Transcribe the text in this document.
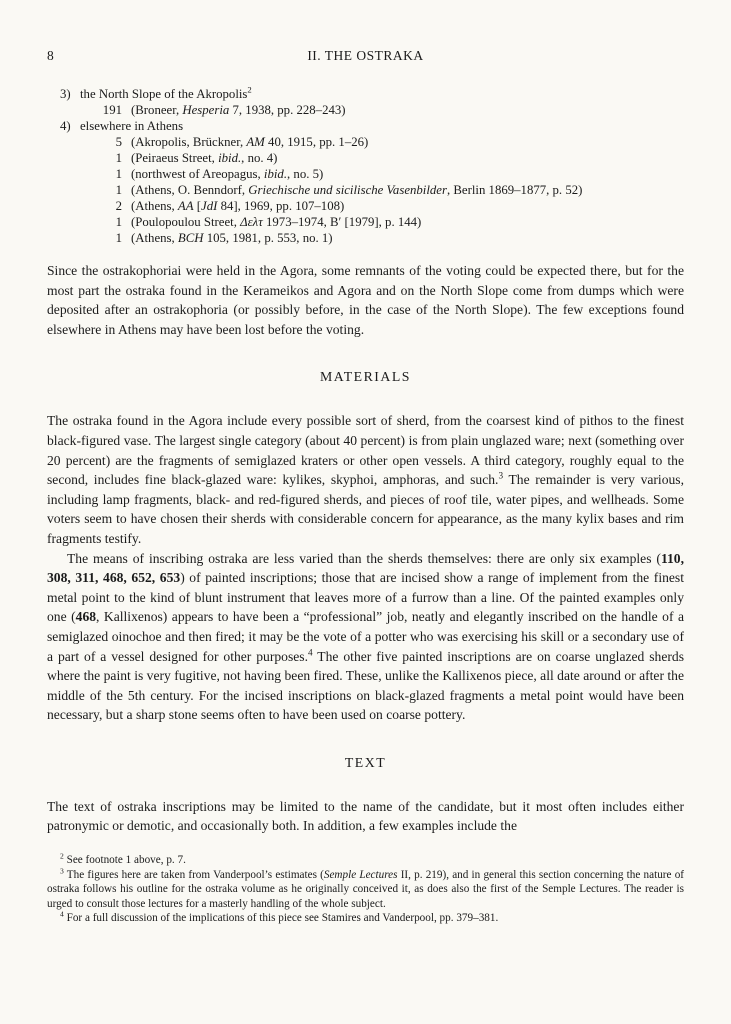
8	II. THE OSTRAKA
3) the North Slope of the Akropolis$^2$
191 (Broneer, Hesperia 7, 1938, pp. 228–243)
4) elsewhere in Athens
5 (Akropolis, Brückner, AM 40, 1915, pp. 1–26)
1 (Peiraeus Street, ibid., no. 4)
1 (northwest of Areopagus, ibid., no. 5)
1 (Athens, O. Benndorf, Griechische und sicilische Vasenbilder, Berlin 1869–1877, p. 52)
2 (Athens, AA [JdI 84], 1969, pp. 107–108)
1 (Poulopoulou Street, Δελτ 1973–1974, Β′ [1979], p. 144)
1 (Athens, BCH 105, 1981, p. 553, no. 1)

Since the ostrakophoriai were held in the Agora, some remnants of the voting could be expected there, but for the most part the ostraka found in the Kerameikos and Agora and on the North Slope come from dumps which were deposited after an ostrakophoria (or possibly before, in the case of the North Slope). The few exceptions found elsewhere in Athens may have been lost before the voting.

MATERIALS

The ostraka found in the Agora include every possible sort of sherd, from the coarsest kind of pithos to the finest black-figured vase. The largest single category (about 40 percent) is from plain unglazed ware; next (something over 20 percent) are the fragments of semiglazed kraters or other open vessels. A third category, roughly equal to the second, includes fine black-glazed ware: kylikes, skyphoi, amphoras, and such.$^3$ The remainder is very various, including lamp fragments, black- and red-figured sherds, and pieces of roof tile, water pipes, and wellheads. Some voters seem to have chosen their sherds with considerable concern for appearance, as the many kylix bases and rim fragments testify.

The means of inscribing ostraka are less varied than the sherds themselves: there are only six examples (110, 308, 311, 468, 652, 653) of painted inscriptions; those that are incised show a range of implement from the finest metal point to the kind of blunt instrument that leaves more of a furrow than a line. Of the painted examples only one (468, Kallixenos) appears to have been a “professional” job, neatly and elegantly inscribed on the handle of a semiglazed oinochoe and then fired; it may be the vote of a potter who was exercising his skill or a secondary use of a part of a vessel designed for other purposes.$^4$ The other five painted inscriptions are on coarse unglazed sherds where the paint is very fugitive, not having been fired. These, unlike the Kallixenos piece, all date around or after the middle of the 5th century. For the incised inscriptions on black-glazed fragments a metal point would have been necessary, but a sharp stone seems often to have been used on coarse pottery.

TEXT

The text of ostraka inscriptions may be limited to the name of the candidate, but it most often includes either patronymic or demotic, and occasionally both. In addition, a few examples include the

$^2$ See footnote 1 above, p. 7.

$^3$ The figures here are taken from Vanderpool’s estimates (Semple Lectures II, p. 219), and in general this section concerning the nature of ostraka follows his outline for the ostraka volume as he originally conceived it, as does also the first of the Semple Lectures. The reader is urged to consult those lectures for a masterly handling of the whole subject.

$^4$ For a full discussion of the implications of this piece see Stamires and Vanderpool, pp. 379–381.
